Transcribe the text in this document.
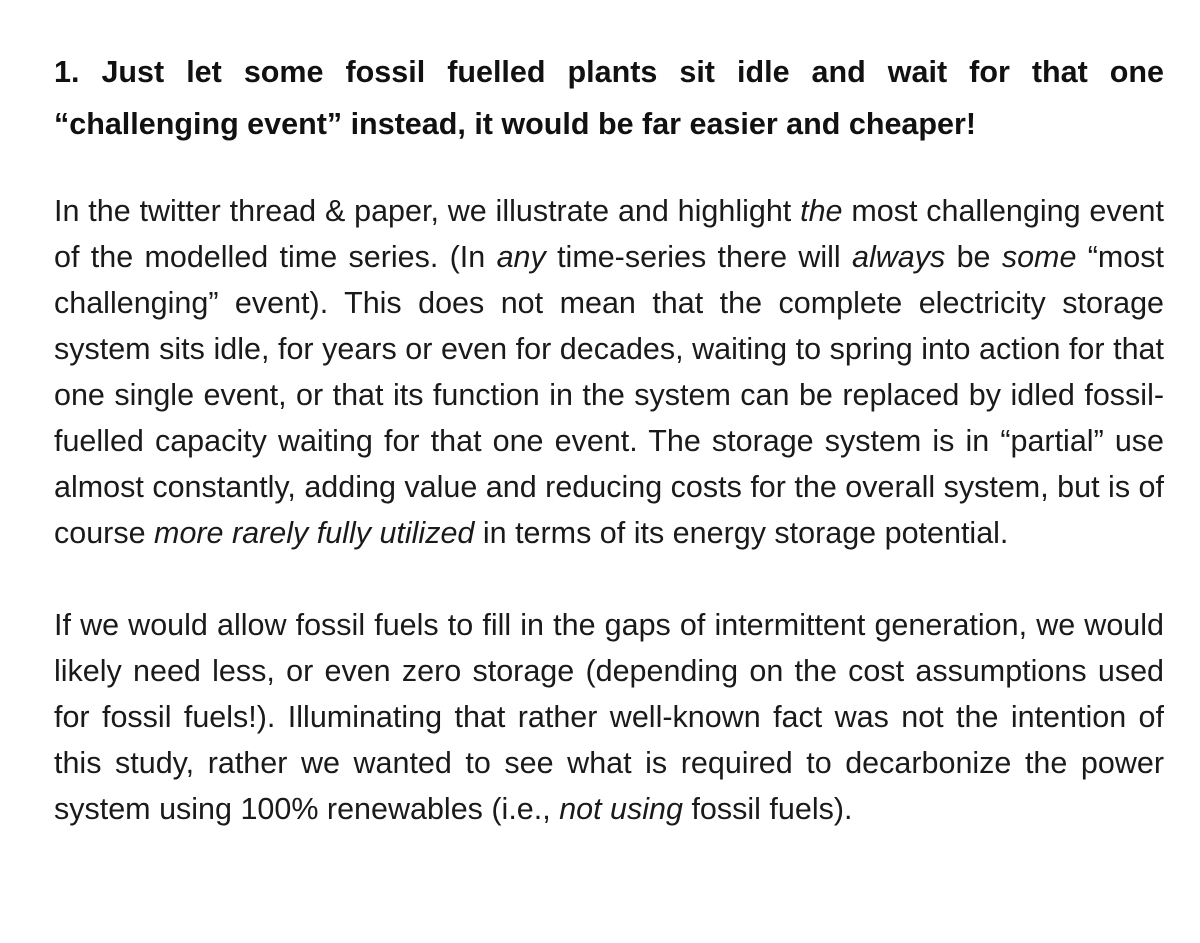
1. Just let some fossil fuelled plants sit idle and wait for that one “challenging event” instead, it would be far easier and cheaper!

In the twitter thread & paper, we illustrate and highlight the most challenging event of the modelled time series. (In any time-series there will always be some “most challenging” event). This does not mean that the complete electricity storage system sits idle, for years or even for decades, waiting to spring into action for that one single event, or that its function in the system can be replaced by idled fossil-fuelled capacity waiting for that one event. The storage system is in “partial” use almost constantly, adding value and reducing costs for the overall system, but is of course more rarely fully utilized in terms of its energy storage potential.

If we would allow fossil fuels to fill in the gaps of intermittent generation, we would likely need less, or even zero storage (depending on the cost assumptions used for fossil fuels!). Illuminating that rather well-known fact was not the intention of this study, rather we wanted to see what is required to decarbonize the power system using 100% renewables (i.e., not using fossil fuels).
